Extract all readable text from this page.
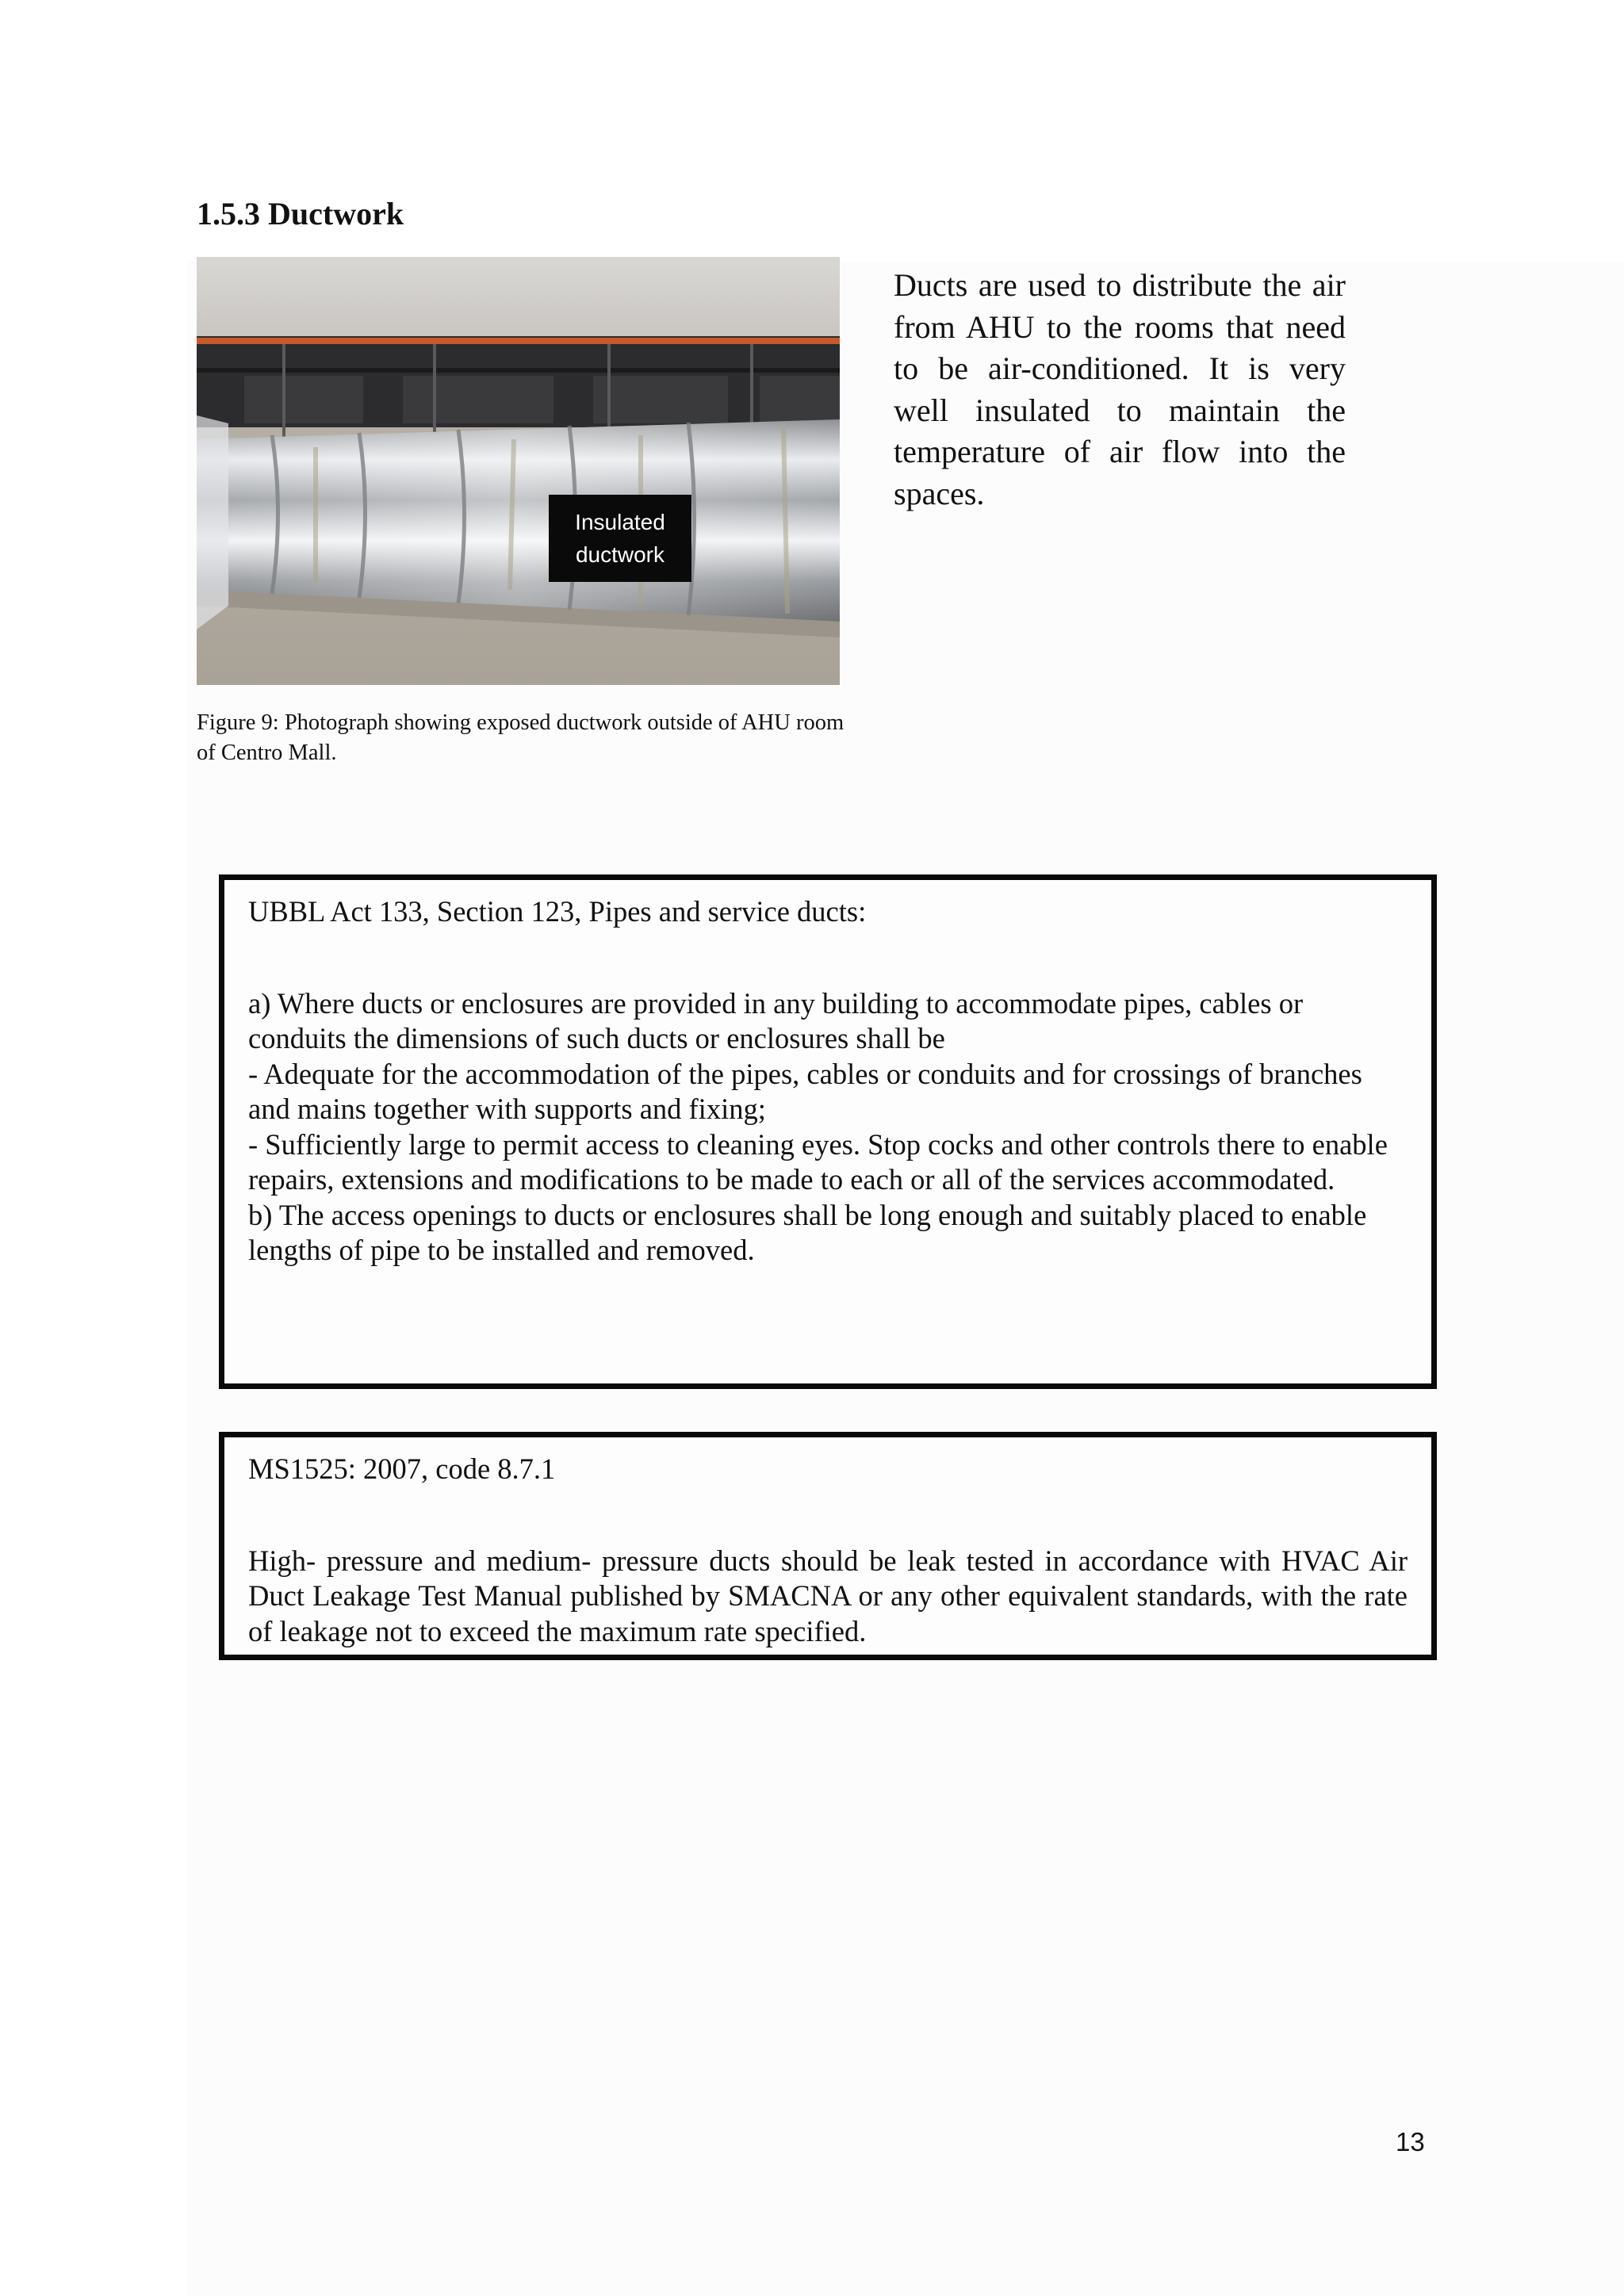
1.5.3 Ductwork
Insulated
ductwork

Ducts are used to distribute the air from AHU to the rooms that need to be air-conditioned. It is very well insulated to maintain the temperature of air flow into the spaces.

Figure 9: Photograph showing exposed ductwork outside of AHU room of Centro Mall.

UBBL Act 133, Section 123, Pipes and service ducts:

a) Where ducts or enclosures are provided in any building to accommodate pipes, cables or conduits the dimensions of such ducts or enclosures shall be
- Adequate for the accommodation of the pipes, cables or conduits and for crossings of branches and mains together with supports and fixing;
- Sufficiently large to permit access to cleaning eyes. Stop cocks and other controls there to enable repairs, extensions and modifications to be made to each or all of the services accommodated.
b) The access openings to ducts or enclosures shall be long enough and suitably placed to enable lengths of pipe to be installed and removed.

MS1525: 2007, code 8.7.1

High- pressure and medium- pressure ducts should be leak tested in accordance with HVAC Air Duct Leakage Test Manual published by SMACNA or any other equivalent standards, with the rate of leakage not to exceed the maximum rate specified.

13
